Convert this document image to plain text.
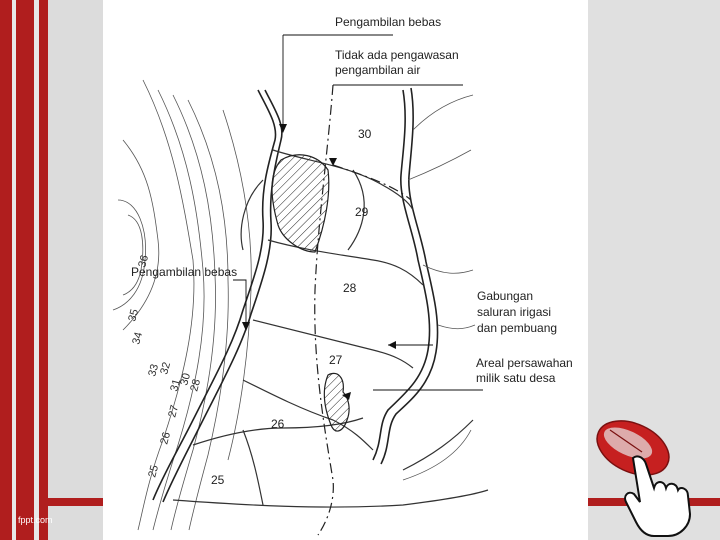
fppt.com
Pengambilan bebas
Tidak ada pengawasan
pengambilan air
Pengambilan bebas
Gabungan
saluran irigasi
dan pembuang
Areal persawahan
milik satu desa
30
29
28
27
26
25
36
35
34
33
32
31
30
28
27
26
25
